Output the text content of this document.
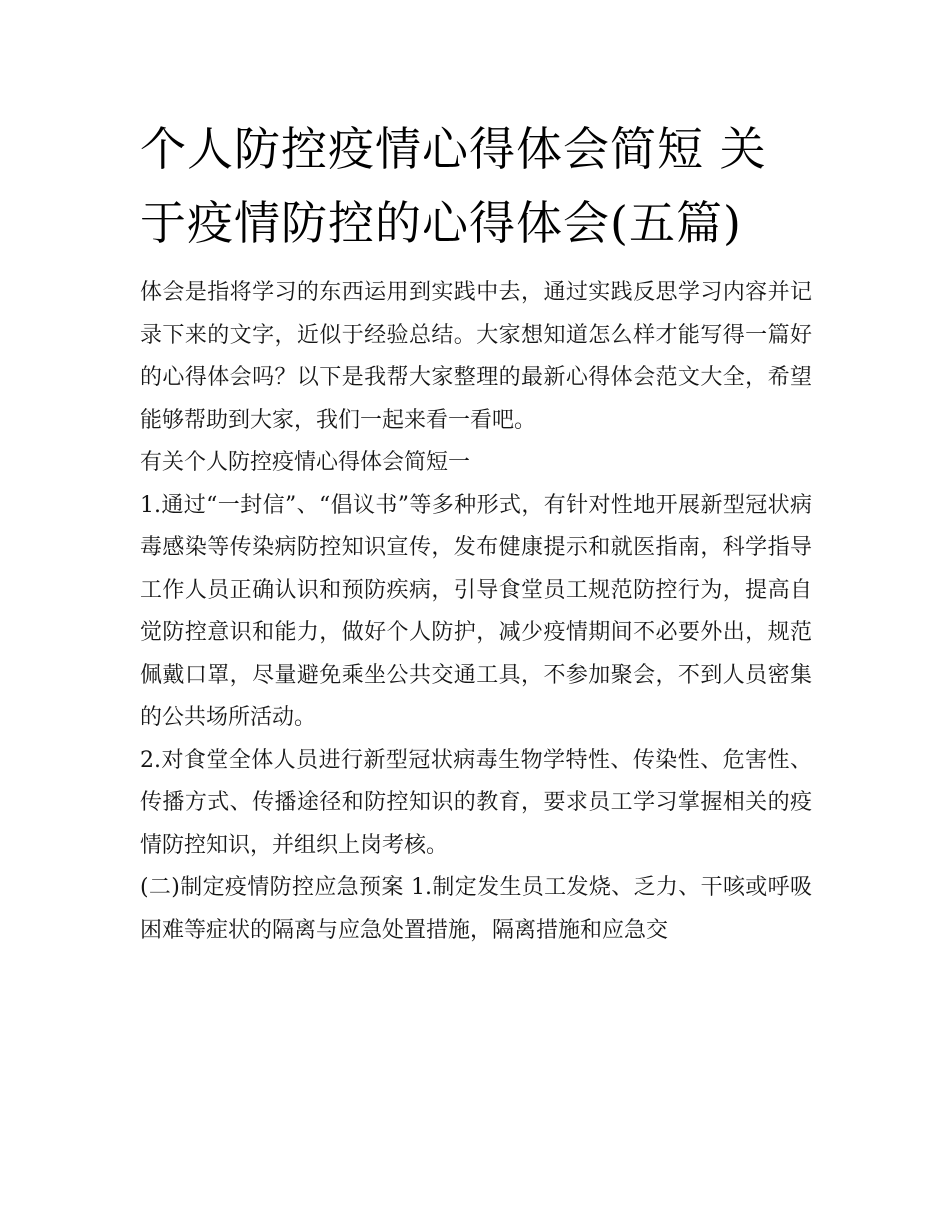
个人防控疫情心得体会简短 关于疫情防控的心得体会(五篇)

体会是指将学习的东西运用到实践中去，通过实践反思学习内容并记录下来的文字，近似于经验总结。大家想知道怎么样才能写得一篇好的心得体会吗？以下是我帮大家整理的最新心得体会范文大全，希望能够帮助到大家，我们一起来看一看吧。

有关个人防控疫情心得体会简短一

1.通过“一封信”、“倡议书”等多种形式，有针对性地开展新型冠状病毒感染等传染病防控知识宣传，发布健康提示和就医指南，科学指导工作人员正确认识和预防疾病，引导食堂员工规范防控行为，提高自觉防控意识和能力，做好个人防护，减少疫情期间不必要外出，规范佩戴口罩，尽量避免乘坐公共交通工具，不参加聚会，不到人员密集的公共场所活动。

2.对食堂全体人员进行新型冠状病毒生物学特性、传染性、危害性、传播方式、传播途径和防控知识的教育，要求员工学习掌握相关的疫情防控知识，并组织上岗考核。

(二)制定疫情防控应急预案 1.制定发生员工发烧、乏力、干咳或呼吸困难等症状的隔离与应急处置措施，隔离措施和应急交
